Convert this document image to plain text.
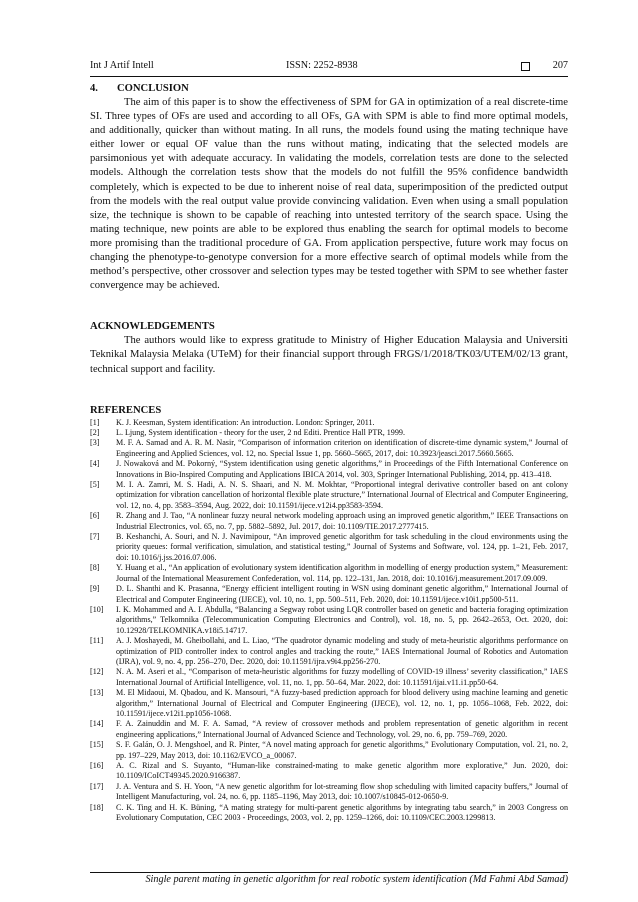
Int J Artif Intell	ISSN: 2252-8938	207
4. CONCLUSION

The aim of this paper is to show the effectiveness of SPM for GA in optimization of a real discrete-time SI. Three types of OFs are used and according to all OFs, GA with SPM is able to find more optimal models, and additionally, quicker than without mating. In all runs, the models found using the mating technique have either lower or equal OF value than the runs without mating, indicating that the selected models are parsimonious yet with adequate accuracy. In validating the models, correlation tests are done to the selected models. Although the correlation tests show that the models do not fulfill the 95% confidence bandwidth completely, which is expected to be due to inherent noise of real data, superimposition of the predicted output from the models with the real output value provide convincing validation. Even when using a small population size, the technique is shown to be capable of reaching into untested territory of the search space. Using the mating technique, new points are able to be explored thus enabling the search for optimal models to become more promising than the traditional procedure of GA. From application perspective, future work may focus on changing the phenotype-to-genotype conversion for a more effective search of optimal models while from the method’s perspective, other crossover and selection types may be tested together with SPM to see whether faster convergence may be achieved.

ACKNOWLEDGEMENTS

The authors would like to express gratitude to Ministry of Higher Education Malaysia and Universiti Teknikal Malaysia Melaka (UTeM) for their financial support through FRGS/1/2018/TK03/UTEM/02/13 grant, technical support and facility.

REFERENCES
[1] K. J. Keesman, System identification: An introduction. London: Springer, 2011.
[2] L. Ljung, System identification - theory for the user, 2 nd Editi. Prentice Hall PTR, 1999.
[3] M. F. A. Samad and A. R. M. Nasir, “Comparison of information criterion on identification of discrete-time dynamic system,” Journal of Engineering and Applied Sciences, vol. 12, no. Special Issue 1, pp. 5660–5665, 2017, doi: 10.3923/jeasci.2017.5660.5665.
[4] J. Nowaková and M. Pokorný, “System identification using genetic algorithms,” in Proceedings of the Fifth International Conference on Innovations in Bio-Inspired Computing and Applications IBICA 2014, vol. 303, Springer International Publishing, 2014, pp. 413–418.
[5] M. I. A. Zamri, M. S. Hadi, A. N. S. Shaari, and N. M. Mokhtar, “Proportional integral derivative controller based on ant colony optimization for vibration cancellation of horizontal flexible plate structure,” International Journal of Electrical and Computer Engineering, vol. 12, no. 4, pp. 3583–3594, Aug. 2022, doi: 10.11591/ijece.v12i4.pp3583-3594.
[6] R. Zhang and J. Tao, “A nonlinear fuzzy neural network modeling approach using an improved genetic algorithm,” IEEE Transactions on Industrial Electronics, vol. 65, no. 7, pp. 5882–5892, Jul. 2017, doi: 10.1109/TIE.2017.2777415.
[7] B. Keshanchi, A. Souri, and N. J. Navimipour, “An improved genetic algorithm for task scheduling in the cloud environments using the priority queues: formal verification, simulation, and statistical testing,” Journal of Systems and Software, vol. 124, pp. 1–21, Feb. 2017, doi: 10.1016/j.jss.2016.07.006.
[8] Y. Huang et al., “An application of evolutionary system identification algorithm in modelling of energy production system,” Measurement: Journal of the International Measurement Confederation, vol. 114, pp. 122–131, Jan. 2018, doi: 10.1016/j.measurement.2017.09.009.
[9] D. L. Shanthi and K. Prasanna, “Energy efficient intelligent routing in WSN using dominant genetic algorithm,” International Journal of Electrical and Computer Engineering (IJECE), vol. 10, no. 1, pp. 500–511, Feb. 2020, doi: 10.11591/ijece.v10i1.pp500-511.
[10] I. K. Mohammed and A. I. Abdulla, “Balancing a Segway robot using LQR controller based on genetic and bacteria foraging optimization algorithms,” Telkomnika (Telecommunication Computing Electronics and Control), vol. 18, no. 5, pp. 2642–2653, Oct. 2020, doi: 10.12928/TELKOMNIKA.v18i5.14717.
[11] A. J. Moshayedi, M. Gheibollahi, and L. Liao, “The quadrotor dynamic modeling and study of meta-heuristic algorithms performance on optimization of PID controller index to control angles and tracking the route,” IAES International Journal of Robotics and Automation (IJRA), vol. 9, no. 4, pp. 256–270, Dec. 2020, doi: 10.11591/ijra.v9i4.pp256-270.
[12] N. A. M. Aseri et al., “Comparison of meta-heuristic algorithms for fuzzy modelling of COVID-19 illness’ severity classification,” IAES International Journal of Artificial Intelligence, vol. 11, no. 1, pp. 50–64, Mar. 2022, doi: 10.11591/ijai.v11.i1.pp50-64.
[13] M. El Midaoui, M. Qbadou, and K. Mansouri, “A fuzzy-based prediction approach for blood delivery using machine learning and genetic algorithm,” International Journal of Electrical and Computer Engineering (IJECE), vol. 12, no. 1, pp. 1056–1068, Feb. 2022, doi: 10.11591/ijece.v12i1.pp1056-1068.
[14] F. A. Zainuddin and M. F. A. Samad, “A review of crossover methods and problem representation of genetic algorithm in recent engineering applications,” International Journal of Advanced Science and Technology, vol. 29, no. 6, pp. 759–769, 2020.
[15] S. F. Galán, O. J. Mengshoel, and R. Pinter, “A novel mating approach for genetic algorithms,” Evolutionary Computation, vol. 21, no. 2, pp. 197–229, May 2013, doi: 10.1162/EVCO_a_00067.
[16] A. C. Rizal and S. Suyanto, “Human-like constrained-mating to make genetic algorithm more explorative,” Jun. 2020, doi: 10.1109/ICoICT49345.2020.9166387.
[17] J. A. Ventura and S. H. Yoon, “A new genetic algorithm for lot-streaming flow shop scheduling with limited capacity buffers,” Journal of Intelligent Manufacturing, vol. 24, no. 6, pp. 1185–1196, May 2013, doi: 10.1007/s10845-012-0650-9.
[18] C. K. Ting and H. K. Büning, “A mating strategy for multi-parent genetic algorithms by integrating tabu search,” in 2003 Congress on Evolutionary Computation, CEC 2003 - Proceedings, 2003, vol. 2, pp. 1259–1266, doi: 10.1109/CEC.2003.1299813.
Single parent mating in genetic algorithm for real robotic system identification (Md Fahmi Abd Samad)
